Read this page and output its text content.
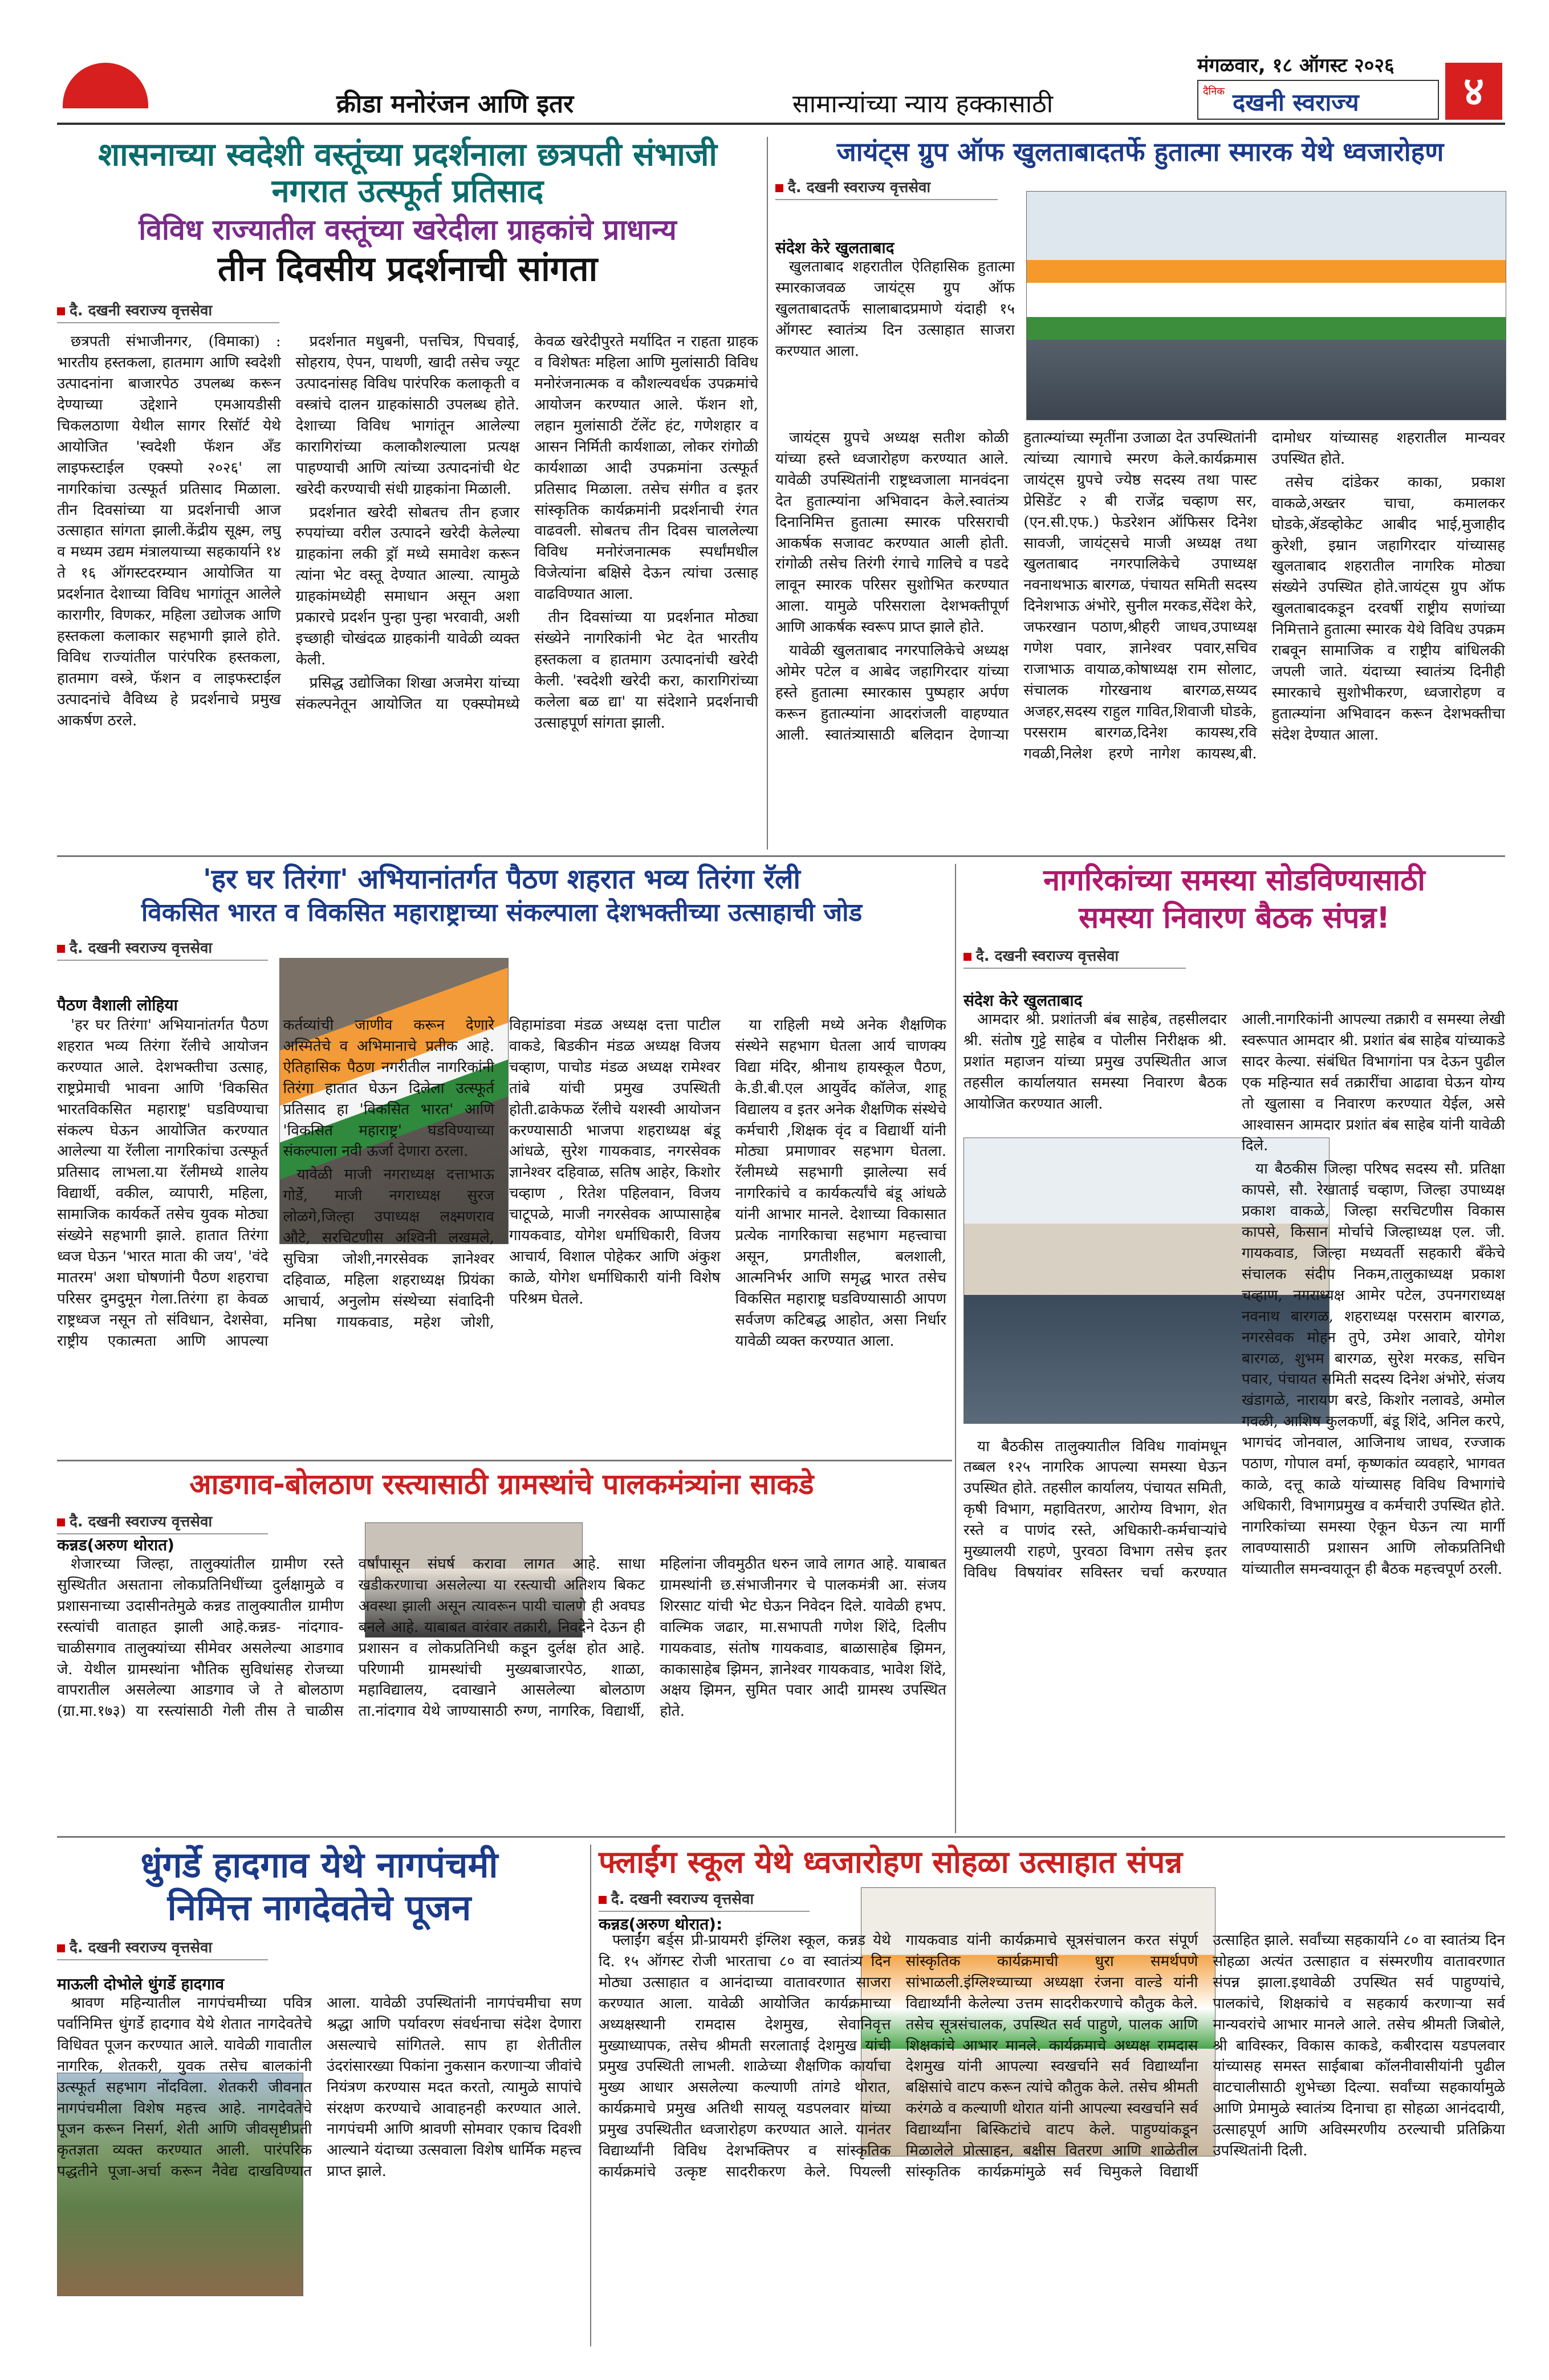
क्रीडा मनोरंजन आणि इतर	सामान्यांच्या न्याय हक्कासाठी
मंगळवार, १८ ऑगस्ट २०२६
दैनिक दखनी स्वराज्य	४
शासनाच्या स्वदेशी वस्तूंच्या प्रदर्शनाला छत्रपती संभाजी नगरात उत्स्फूर्त प्रतिसाद
विविध राज्यातील वस्तूंच्या खरेदीला ग्राहकांचे प्राधान्य
तीन दिवसीय प्रदर्शनाची सांगता
दै. दखनी स्वराज्य वृत्तसेवा

छत्रपती संभाजीनगर, (विमाका) : भारतीय हस्तकला, हातमाग आणि स्वदेशी उत्पादनांना बाजारपेठ उपलब्ध करून देण्याच्या उद्देशाने एमआयडीसी चिकलठाणा येथील सागर रिसॉर्ट येथे आयोजित 'स्वदेशी फॅशन अँड लाइफस्टाईल एक्स्पो २०२६' ला नागरिकांचा उत्स्फूर्त प्रतिसाद मिळाला. तीन दिवसांच्या या प्रदर्शनाची आज उत्साहात सांगता झाली.केंद्रीय सूक्ष्म, लघु व मध्यम उद्यम मंत्रालयाच्या सहकार्याने १४ ते १६ ऑगस्टदरम्यान आयोजित या प्रदर्शनात देशाच्या विविध भागांतून आलेले कारागीर, विणकर, महिला उद्योजक आणि हस्तकला कलाकार सहभागी झाले होते. विविध राज्यांतील पारंपरिक हस्तकला, हातमाग वस्त्रे, फॅशन व लाइफस्टाईल उत्पादनांचे वैविध्य हे प्रदर्शनाचे प्रमुख आकर्षण ठरले.

प्रदर्शनात मधुबनी, पत्तचित्र, पिचवाई, सोहराय, ऐपन, पाथणी, खादी तसेच ज्यूट उत्पादनांसह विविध पारंपरिक कलाकृती व वस्त्रांचे दालन ग्राहकांसाठी उपलब्ध होते. देशाच्या विविध भागांतून आलेल्या कारागिरांच्या कलाकौशल्याला प्रत्यक्ष पाहण्याची आणि त्यांच्या उत्पादनांची थेट खरेदी करण्याची संधी ग्राहकांना मिळाली.

प्रदर्शनात खरेदी सोबतच तीन हजार रुपयांच्या वरील उत्पादने खरेदी केलेल्या ग्राहकांना लकी ड्रॉ मध्ये समावेश करून त्यांना भेट वस्तू देण्यात आल्या. त्यामुळे ग्राहकांमध्येही समाधान असून अशा प्रकारचे प्रदर्शन पुन्हा पुन्हा भरवावी, अशी इच्छाही चोखंदळ ग्राहकांनी यावेळी व्यक्त केली.

प्रसिद्ध उद्योजिका शिखा अजमेरा यांच्या संकल्पनेतून आयोजित या एक्स्पोमध्ये केवळ खरेदीपुरते मर्यादित न राहता ग्राहक व विशेषतः महिला आणि मुलांसाठी विविध मनोरंजनात्मक व कौशल्यवर्धक उपक्रमांचे आयोजन करण्यात आले. फॅशन शो, लहान मुलांसाठी टॅलेंट हंट, गणेशहार व आसन निर्मिती कार्यशाळा, लोकर रांगोळी कार्यशाळा आदी उपक्रमांना उत्स्फूर्त प्रतिसाद मिळाला. तसेच संगीत व इतर सांस्कृतिक कार्यक्रमांनी प्रदर्शनाची रंगत वाढवली. सोबतच तीन दिवस चाललेल्या विविध मनोरंजनात्मक स्पर्धांमधील विजेत्यांना बक्षिसे देऊन त्यांचा उत्साह वाढविण्यात आला.

तीन दिवसांच्या या प्रदर्शनात मोठ्या संख्येने नागरिकांनी भेट देत भारतीय हस्तकला व हातमाग उत्पादनांची खरेदी केली. 'स्वदेशी खरेदी करा, कारागिरांच्या कलेला बळ द्या' या संदेशाने प्रदर्शनाची उत्साहपूर्ण सांगता झाली.

जायंट्स ग्रुप ऑफ खुलताबादतर्फे हुतात्मा स्मारक येथे ध्वजारोहण
दै. दखनी स्वराज्य वृत्तसेवा
संदेश केरे खुलताबाद

खुलताबाद शहरातील ऐतिहासिक हुतात्मा स्मारकाजवळ जायंट्स ग्रुप ऑफ खुलताबादतर्फे सालाबादप्रमाणे यंदाही १५ ऑगस्ट स्वातंत्र्य दिन उत्साहात साजरा करण्यात आला.

जायंट्स ग्रुपचे अध्यक्ष सतीश कोळी यांच्या हस्ते ध्वजारोहण करण्यात आले. यावेळी उपस्थितांनी राष्ट्रध्वजाला मानवंदना देत हुतात्म्यांना अभिवादन केले.स्वातंत्र्य दिनानिमित्त हुतात्मा स्मारक परिसराची आकर्षक सजावट करण्यात आली होती. रांगोळी तसेच तिरंगी रंगाचे गालिचे व पडदे लावून स्मारक परिसर सुशोभित करण्यात आला. यामुळे परिसराला देशभक्तीपूर्ण आणि आकर्षक स्वरूप प्राप्त झाले होते.

यावेळी खुलताबाद नगरपालिकेचे अध्यक्ष ओमेर पटेल व आबेद जहागिरदार यांच्या हस्ते हुतात्मा स्मारकास पुष्पहार अर्पण करून हुतात्म्यांना आदरांजली वाहण्यात आली. स्वातंत्र्यासाठी बलिदान देणाऱ्या हुतात्म्यांच्या स्मृतींना उजाळा देत उपस्थितांनी त्यांच्या त्यागाचे स्मरण केले.कार्यक्रमास जायंट्स ग्रुपचे ज्येष्ठ सदस्य तथा पास्ट प्रेसिडेंट २ बी राजेंद्र चव्हाण सर, (एन.सी.एफ.) फेडरेशन ऑफिसर दिनेश सावजी, जायंट्सचे माजी अध्यक्ष तथा खुलताबाद नगरपालिकेचे उपाध्यक्ष नवनाथभाऊ बारगळ, पंचायत समिती सदस्य दिनेशभाऊ अंभोरे, सुनील मरकड,सेंदेश केरे, जफरखान पठाण,श्रीहरी जाधव,उपाध्यक्ष गणेश पवार, ज्ञानेश्वर पवार,सचिव राजाभाऊ वायाळ,कोषाध्यक्ष राम सोलाट, संचालक गोरखनाथ बारगळ,सय्यद अजहर,सदस्य राहुल गावित,शिवाजी घोडके, परसराम बारगळ,दिनेश कायस्थ,रवि गवळी,निलेश हरणे नागेश कायस्थ,बी. दामोधर यांच्यासह शहरातील मान्यवर उपस्थित होते.

तसेच दांडेकर काका, प्रकाश वाकळे,अख्तर चाचा, कमालकर घोडके,ॲडव्होकेट आबीद भाई,मुजाहीद कुरेशी, इम्रान जहागिरदार यांच्यासह खुलताबाद शहरातील नागरिक मोठ्या संख्येने उपस्थित होते.जायंट्स ग्रुप ऑफ खुलताबादकडून दरवर्षी राष्ट्रीय सणांच्या निमित्ताने हुतात्मा स्मारक येथे विविध उपक्रम राबवून सामाजिक व राष्ट्रीय बांधिलकी जपली जाते. यंदाच्या स्वातंत्र्य दिनीही स्मारकाचे सुशोभीकरण, ध्वजारोहण व हुतात्म्यांना अभिवादन करून देशभक्तीचा संदेश देण्यात आला.

'हर घर तिरंगा' अभियानांतर्गत पैठण शहरात भव्य तिरंगा रॅली
विकसित भारत व विकसित महाराष्ट्राच्या संकल्पाला देशभक्तीच्या उत्साहाची जोड
दै. दखनी स्वराज्य वृत्तसेवा
पैठण वैशाली लोहिया

'हर घर तिरंगा' अभियानांतर्गत पैठण शहरात भव्य तिरंगा रॅलीचे आयोजन करण्यात आले. देशभक्तीचा उत्साह, राष्ट्रप्रेमाची भावना आणि 'विकसित भारतविकसित महाराष्ट्र' घडविण्याचा संकल्प घेऊन आयोजित करण्यात आलेल्या या रॅलीला नागरिकांचा उत्स्फूर्त प्रतिसाद लाभला.या रॅलीमध्ये शालेय विद्यार्थी, वकील, व्यापारी, महिला, सामाजिक कार्यकर्ते तसेच युवक मोठ्या संख्येने सहभागी झाले. हातात तिरंगा ध्वज घेऊन 'भारत माता की जय', 'वंदे मातरम' अशा घोषणांनी पैठण शहराचा परिसर दुमदुमून गेला.तिरंगा हा केवळ राष्ट्रध्वज नसून तो संविधान, देशसेवा, राष्ट्रीय एकात्मता आणि आपल्या कर्तव्यांची जाणीव करून देणारे अस्मितेचे व अभिमानाचे प्रतीक आहे. ऐतिहासिक पैठण नगरीतील नागरिकांनी तिरंगा हातात घेऊन दिलेला उत्स्फूर्त प्रतिसाद हा 'विकसित भारत' आणि 'विकसित महाराष्ट्र' घडविण्याच्या संकल्पाला नवी ऊर्जा देणारा ठरला.

यावेळी माजी नगराध्यक्ष दत्ताभाऊ गोर्डे, माजी नगराध्यक्ष सुरज लोळगे,जिल्हा उपाध्यक्ष लक्ष्मणराव औटे, सरचिटणीस अश्विनी लखमले, सुचित्रा जोशी,नगरसेवक ज्ञानेश्वर दहिवाळ, महिला शहराध्यक्ष प्रियंका आचार्य, अनुलोम संस्थेच्या संवादिनी मनिषा गायकवाड, महेश जोशी, विहामांडवा मंडळ अध्यक्ष दत्ता पाटील वाकडे, बिडकीन मंडळ अध्यक्ष विजय चव्हाण, पाचोड मंडळ अध्यक्ष रामेश्वर तांबे यांची प्रमुख उपस्थिती होती.ढाकेफळ रॅलीचे यशस्वी आयोजन करण्यासाठी भाजपा शहराध्यक्ष बंडू आंधळे, सुरेश गायकवाड, नगरसेवक ज्ञानेश्वर दहिवाळ, सतिष आहेर, किशोर चव्हाण , रितेश पहिलवान, विजय चाटूपळे, माजी नगरसेवक आप्पासाहेब गायकवाड, योगेश धर्माधिकारी, विजय आचार्य, विशाल पोहेकर आणि अंकुश काळे, योगेश धर्माधिकारी यांनी विशेष परिश्रम घेतले.

या राहिली मध्ये अनेक शैक्षणिक संस्थेने सहभाग घेतला आर्य चाणक्य विद्या मंदिर, श्रीनाथ हायस्कूल पैठण, के.डी.बी.एल आयुर्वेद कॉलेज, शाहू विद्यालय व इतर अनेक शैक्षणिक संस्थेचे कर्मचारी ,शिक्षक वृंद व विद्यार्थी यांनी मोठ्या प्रमाणावर सहभाग घेतला. रॅलीमध्ये सहभागी झालेल्या सर्व नागरिकांचे व कार्यकर्त्यांचे बंडू आंधळे यांनी आभार मानले. देशाच्या विकासात प्रत्येक नागरिकाचा सहभाग महत्त्वाचा असून, प्रगतीशील, बलशाली, आत्मनिर्भर आणि समृद्ध भारत तसेच विकसित महाराष्ट्र घडविण्यासाठी आपण सर्वजण कटिबद्ध आहोत, असा निर्धार यावेळी व्यक्त करण्यात आला.

नागरिकांच्या समस्या सोडविण्यासाठी
समस्या निवारण बैठक संपन्न!
दै. दखनी स्वराज्य वृत्तसेवा
संदेश केरे खुलताबाद

आमदार श्री. प्रशांतजी बंब साहेब, तहसीलदार श्री. संतोष गुट्टे साहेब व पोलीस निरीक्षक श्री. प्रशांत महाजन यांच्या प्रमुख उपस्थितीत आज तहसील कार्यालयात समस्या निवारण बैठक आयोजित करण्यात आली.

या बैठकीस तालुक्यातील विविध गावांमधून तब्बल १२५ नागरिक आपल्या समस्या घेऊन उपस्थित होते. तहसील कार्यालय, पंचायत समिती, कृषी विभाग, महावितरण, आरोग्य विभाग, शेत रस्ते व पाणंद रस्ते, अधिकारी-कर्मचाऱ्यांचे मुख्यालयी राहणे, पुरवठा विभाग तसेच इतर विविध विषयांवर सविस्तर चर्चा करण्यात आली.नागरिकांनी आपल्या तक्रारी व समस्या लेखी स्वरूपात आमदार श्री. प्रशांत बंब साहेब यांच्याकडे सादर केल्या. संबंधित विभागांना पत्र देऊन पुढील एक महिन्यात सर्व तक्रारींचा आढावा घेऊन योग्य तो खुलासा व निवारण करण्यात येईल, असे आश्वासन आमदार प्रशांत बंब साहेब यांनी यावेळी दिले.

या बैठकीस जिल्हा परिषद सदस्य सौ. प्रतिक्षा कापसे, सौ. रेखाताई चव्हाण, जिल्हा उपाध्यक्ष प्रकाश वाकळे, जिल्हा सरचिटणीस विकास कापसे, किसान मोर्चाचे जिल्हाध्यक्ष एल. जी. गायकवाड, जिल्हा मध्यवर्ती सहकारी बँकेचे संचालक संदीप निकम,तालुकाध्यक्ष प्रकाश चव्हाण, नगराध्यक्ष आमेर पटेल, उपनगराध्यक्ष नवनाथ बारगळ, शहराध्यक्ष परसराम बारगळ, नगरसेवक मोहन तुपे, उमेश आवारे, योगेश बारगळ, शुभम बारगळ, सुरेश मरकड, सचिन पवार, पंचायत समिती सदस्य दिनेश अंभोरे, संजय खंडागळे, नारायण बरडे, किशोर नलावडे, अमोल गवळी, आशिष कुलकर्णी, बंडू शिंदे, अनिल करपे, भागचंद जोनवाल, आजिनाथ जाधव, रज्जाक पठाण, गोपाल वर्मा, कृष्णकांत व्यवहारे, भागवत काळे, दत्तू काळे यांच्यासह विविध विभागांचे अधिकारी, विभागप्रमुख व कर्मचारी उपस्थित होते. नागरिकांच्या समस्या ऐकून घेऊन त्या मार्गी लावण्यासाठी प्रशासन आणि लोकप्रतिनिधी यांच्यातील समन्वयातून ही बैठक महत्त्वपूर्ण ठरली.

आडगाव-बोलठाण रस्त्यासाठी ग्रामस्थांचे पालकमंत्र्यांना साकडे
दै. दखनी स्वराज्य वृत्तसेवा
कन्नड(अरुण थोरात)

शेजारच्या जिल्हा, तालुक्यांतील ग्रामीण रस्ते सुस्थितीत असताना लोकप्रतिनिधींच्या दुर्लक्षामुळे व प्रशासनाच्या उदासीनतेमुळे कन्नड तालुक्यातील ग्रामीण रस्त्यांची वाताहत झाली आहे.कन्नड- नांदगाव- चाळीसगाव तालुक्यांच्या सीमेवर असलेल्या आडगाव जे. येथील ग्रामस्थांना भौतिक सुविधांसह रोजच्या वापरातील असलेल्या आडगाव जे ते बोलठाण (ग्रा.मा.१७३) या रस्त्यांसाठी गेली तीस ते चाळीस वर्षांपासून संघर्ष करावा लागत आहे. साधा खडीकरणाचा असलेल्या या रस्त्याची अतिशय बिकट अवस्था झाली असून त्यावरून पायी चालणे ही अवघड बनले आहे. याबाबत वारंवार तक्रारी, निवदेने देऊन ही प्रशासन व लोकप्रतिनिधी कडून दुर्लक्ष होत आहे. परिणामी ग्रामस्थांची मुख्यबाजारपेठ, शाळा, महाविद्यालय, दवाखाने आसलेल्या बोलठाण ता.नांदगाव येथे जाण्यासाठी रुग्ण, नागरिक, विद्यार्थी, महिलांना जीवमुठीत धरुन जावे लागत आहे. याबाबत ग्रामस्थांनी छ.संभाजीनगर चे पालकमंत्री आ. संजय शिरसाट यांची भेट घेऊन निवेदन दिले. यावेळी हभप. वाल्मिक जढार, मा.सभापती गणेश शिंदे, दिलीप गायकवाड, संतोष गायकवाड, बाळासाहेब झिमन, काकासाहेब झिमन, ज्ञानेश्वर गायकवाड, भावेश शिंदे, अक्षय झिमन, सुमित पवार आदी ग्रामस्थ उपस्थित होते.

धुंगर्डे हादगाव येथे नागपंचमी
निमित्त नागदेवतेचे पूजन
दै. दखनी स्वराज्य वृत्तसेवा
माऊली दोभोले धुंगर्डे हादगाव

श्रावण महिन्यातील नागपंचमीच्या पवित्र पर्वानिमित्त धुंगर्डे हादगाव येथे शेतात नागदेवतेचे विधिवत पूजन करण्यात आले. यावेळी गावातील नागरिक, शेतकरी, युवक तसेच बालकांनी उत्स्फूर्त सहभाग नोंदविला. शेतकरी जीवनात नागपंचमीला विशेष महत्त्व आहे. नागदेवतेचे पूजन करून निसर्ग, शेती आणि जीवसृष्टीप्रती कृतज्ञता व्यक्त करण्यात आली. पारंपरिक पद्धतीने पूजा-अर्चा करून नैवेद्य दाखविण्यात आला. यावेळी उपस्थितांनी नागपंचमीचा सण श्रद्धा आणि पर्यावरण संवर्धनाचा संदेश देणारा असल्याचे सांगितले. साप हा शेतीतील उंदरांसारख्या पिकांना नुकसान करणाऱ्या जीवांचे नियंत्रण करण्यास मदत करतो, त्यामुळे सापांचे संरक्षण करण्याचे आवाहनही करण्यात आले. नागपंचमी आणि श्रावणी सोमवार एकाच दिवशी आल्याने यंदाच्या उत्सवाला विशेष धार्मिक महत्त्व प्राप्त झाले.

फ्लाईंग स्कूल येथे ध्वजारोहण सोहळा उत्साहात संपन्न
दै. दखनी स्वराज्य वृत्तसेवा
कन्नड(अरुण थोरात):

फ्लाईंग बर्ड्स प्री-प्रायमरी इंग्लिश स्कूल, कन्नड येथे दि. १५ ऑगस्ट रोजी भारताचा ८० वा स्वातंत्र्य दिन मोठ्या उत्साहात व आनंदाच्या वातावरणात साजरा करण्यात आला. यावेळी आयोजित कार्यक्रमाच्या अध्यक्षस्थानी रामदास देशमुख, सेवानिवृत्त मुख्याध्यापक, तसेच श्रीमती सरलाताई देशमुख यांची प्रमुख उपस्थिती लाभली. शाळेच्या शैक्षणिक कार्याचा मुख्य आधार असलेल्या कल्याणी तांगडे थोरात, कार्यक्रमाचे प्रमुख अतिथी सायलू यडपलवार यांच्या प्रमुख उपस्थितीत ध्वजारोहण करण्यात आले. यानंतर विद्यार्थ्यांनी विविध देशभक्तिपर व सांस्कृतिक कार्यक्रमांचे उत्कृष्ट सादरीकरण केले. पियल्ली गायकवाड यांनी कार्यक्रमाचे सूत्रसंचालन करत संपूर्ण सांस्कृतिक कार्यक्रमाची धुरा समर्थपणे सांभाळली.इंग्लिश्च्याच्या अध्यक्षा रंजना वाल्डे यांनी विद्यार्थ्यांनी केलेल्या उत्तम सादरीकरणाचे कौतुक केले. तसेच सूत्रसंचालक, उपस्थित सर्व पाहुणे, पालक आणि शिक्षकांचे आभार मानले. कार्यक्रमाचे अध्यक्ष रामदास देशमुख यांनी आपल्या स्वखर्चाने सर्व विद्यार्थ्यांना बक्षिसांचे वाटप करून त्यांचे कौतुक केले. तसेच श्रीमती करंगळे व कल्याणी थोरात यांनी आपल्या स्वखर्चाने सर्व विद्यार्थ्यांना बिस्किटांचे वाटप केले. पाहुण्यांकडून मिळालेले प्रोत्साहन, बक्षीस वितरण आणि शाळेतील सांस्कृतिक कार्यक्रमांमुळे सर्व चिमुकले विद्यार्थी उत्साहित झाले. सर्वांच्या सहकार्याने ८० वा स्वातंत्र्य दिन सोहळा अत्यंत उत्साहात व संस्मरणीय वातावरणात संपन्न झाला.इथावेळी उपस्थित सर्व पाहुण्यांचे, पालकांचे, शिक्षकांचे व सहकार्य करणाऱ्या सर्व मान्यवरांचे आभार मानले आले. तसेच श्रीमती जिबोले, श्री बाविस्कर, विकास काकडे, कबीरदास यडपलवार यांच्यासह समस्त साईबाबा कॉलनीवासीयांनी पुढील वाटचालीसाठी शुभेच्छा दिल्या. सर्वांच्या सहकार्यामुळे आणि प्रेमामुळे स्वातंत्र्य दिनाचा हा सोहळा आनंददायी, उत्साहपूर्ण आणि अविस्मरणीय ठरल्याची प्रतिक्रिया उपस्थितांनी दिली.
